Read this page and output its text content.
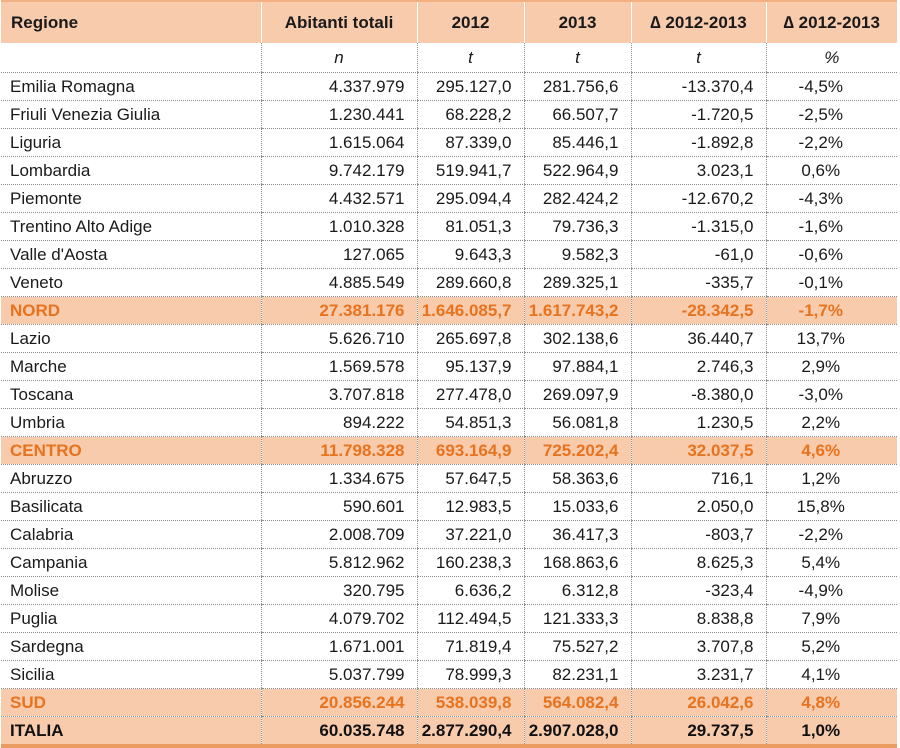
Regione	Abitanti totali	2012	2013	∆ 2012-2013	∆ 2012-2013
	n	t	t	t	%
Emilia Romagna	4.337.979	295.127,0	281.756,6	-13.370,4	-4,5%
Friuli Venezia Giulia	1.230.441	68.228,2	66.507,7	-1.720,5	-2,5%
Liguria	1.615.064	87.339,0	85.446,1	-1.892,8	-2,2%
Lombardia	9.742.179	519.941,7	522.964,9	3.023,1	0,6%
Piemonte	4.432.571	295.094,4	282.424,2	-12.670,2	-4,3%
Trentino Alto Adige	1.010.328	81.051,3	79.736,3	-1.315,0	-1,6%
Valle d'Aosta	127.065	9.643,3	9.582,3	-61,0	-0,6%
Veneto	4.885.549	289.660,8	289.325,1	-335,7	-0,1%
NORD	27.381.176	1.646.085,7	1.617.743,2	-28.342,5	-1,7%
Lazio	5.626.710	265.697,8	302.138,6	36.440,7	13,7%
Marche	1.569.578	95.137,9	97.884,1	2.746,3	2,9%
Toscana	3.707.818	277.478,0	269.097,9	-8.380,0	-3,0%
Umbria	894.222	54.851,3	56.081,8	1.230,5	2,2%
CENTRO	11.798.328	693.164,9	725.202,4	32.037,5	4,6%
Abruzzo	1.334.675	57.647,5	58.363,6	716,1	1,2%
Basilicata	590.601	12.983,5	15.033,6	2.050,0	15,8%
Calabria	2.008.709	37.221,0	36.417,3	-803,7	-2,2%
Campania	5.812.962	160.238,3	168.863,6	8.625,3	5,4%
Molise	320.795	6.636,2	6.312,8	-323,4	-4,9%
Puglia	4.079.702	112.494,5	121.333,3	8.838,8	7,9%
Sardegna	1.671.001	71.819,4	75.527,2	3.707,8	5,2%
Sicilia	5.037.799	78.999,3	82.231,1	3.231,7	4,1%
SUD	20.856.244	538.039,8	564.082,4	26.042,6	4,8%
ITALIA	60.035.748	2.877.290,4	2.907.028,0	29.737,5	1,0%
